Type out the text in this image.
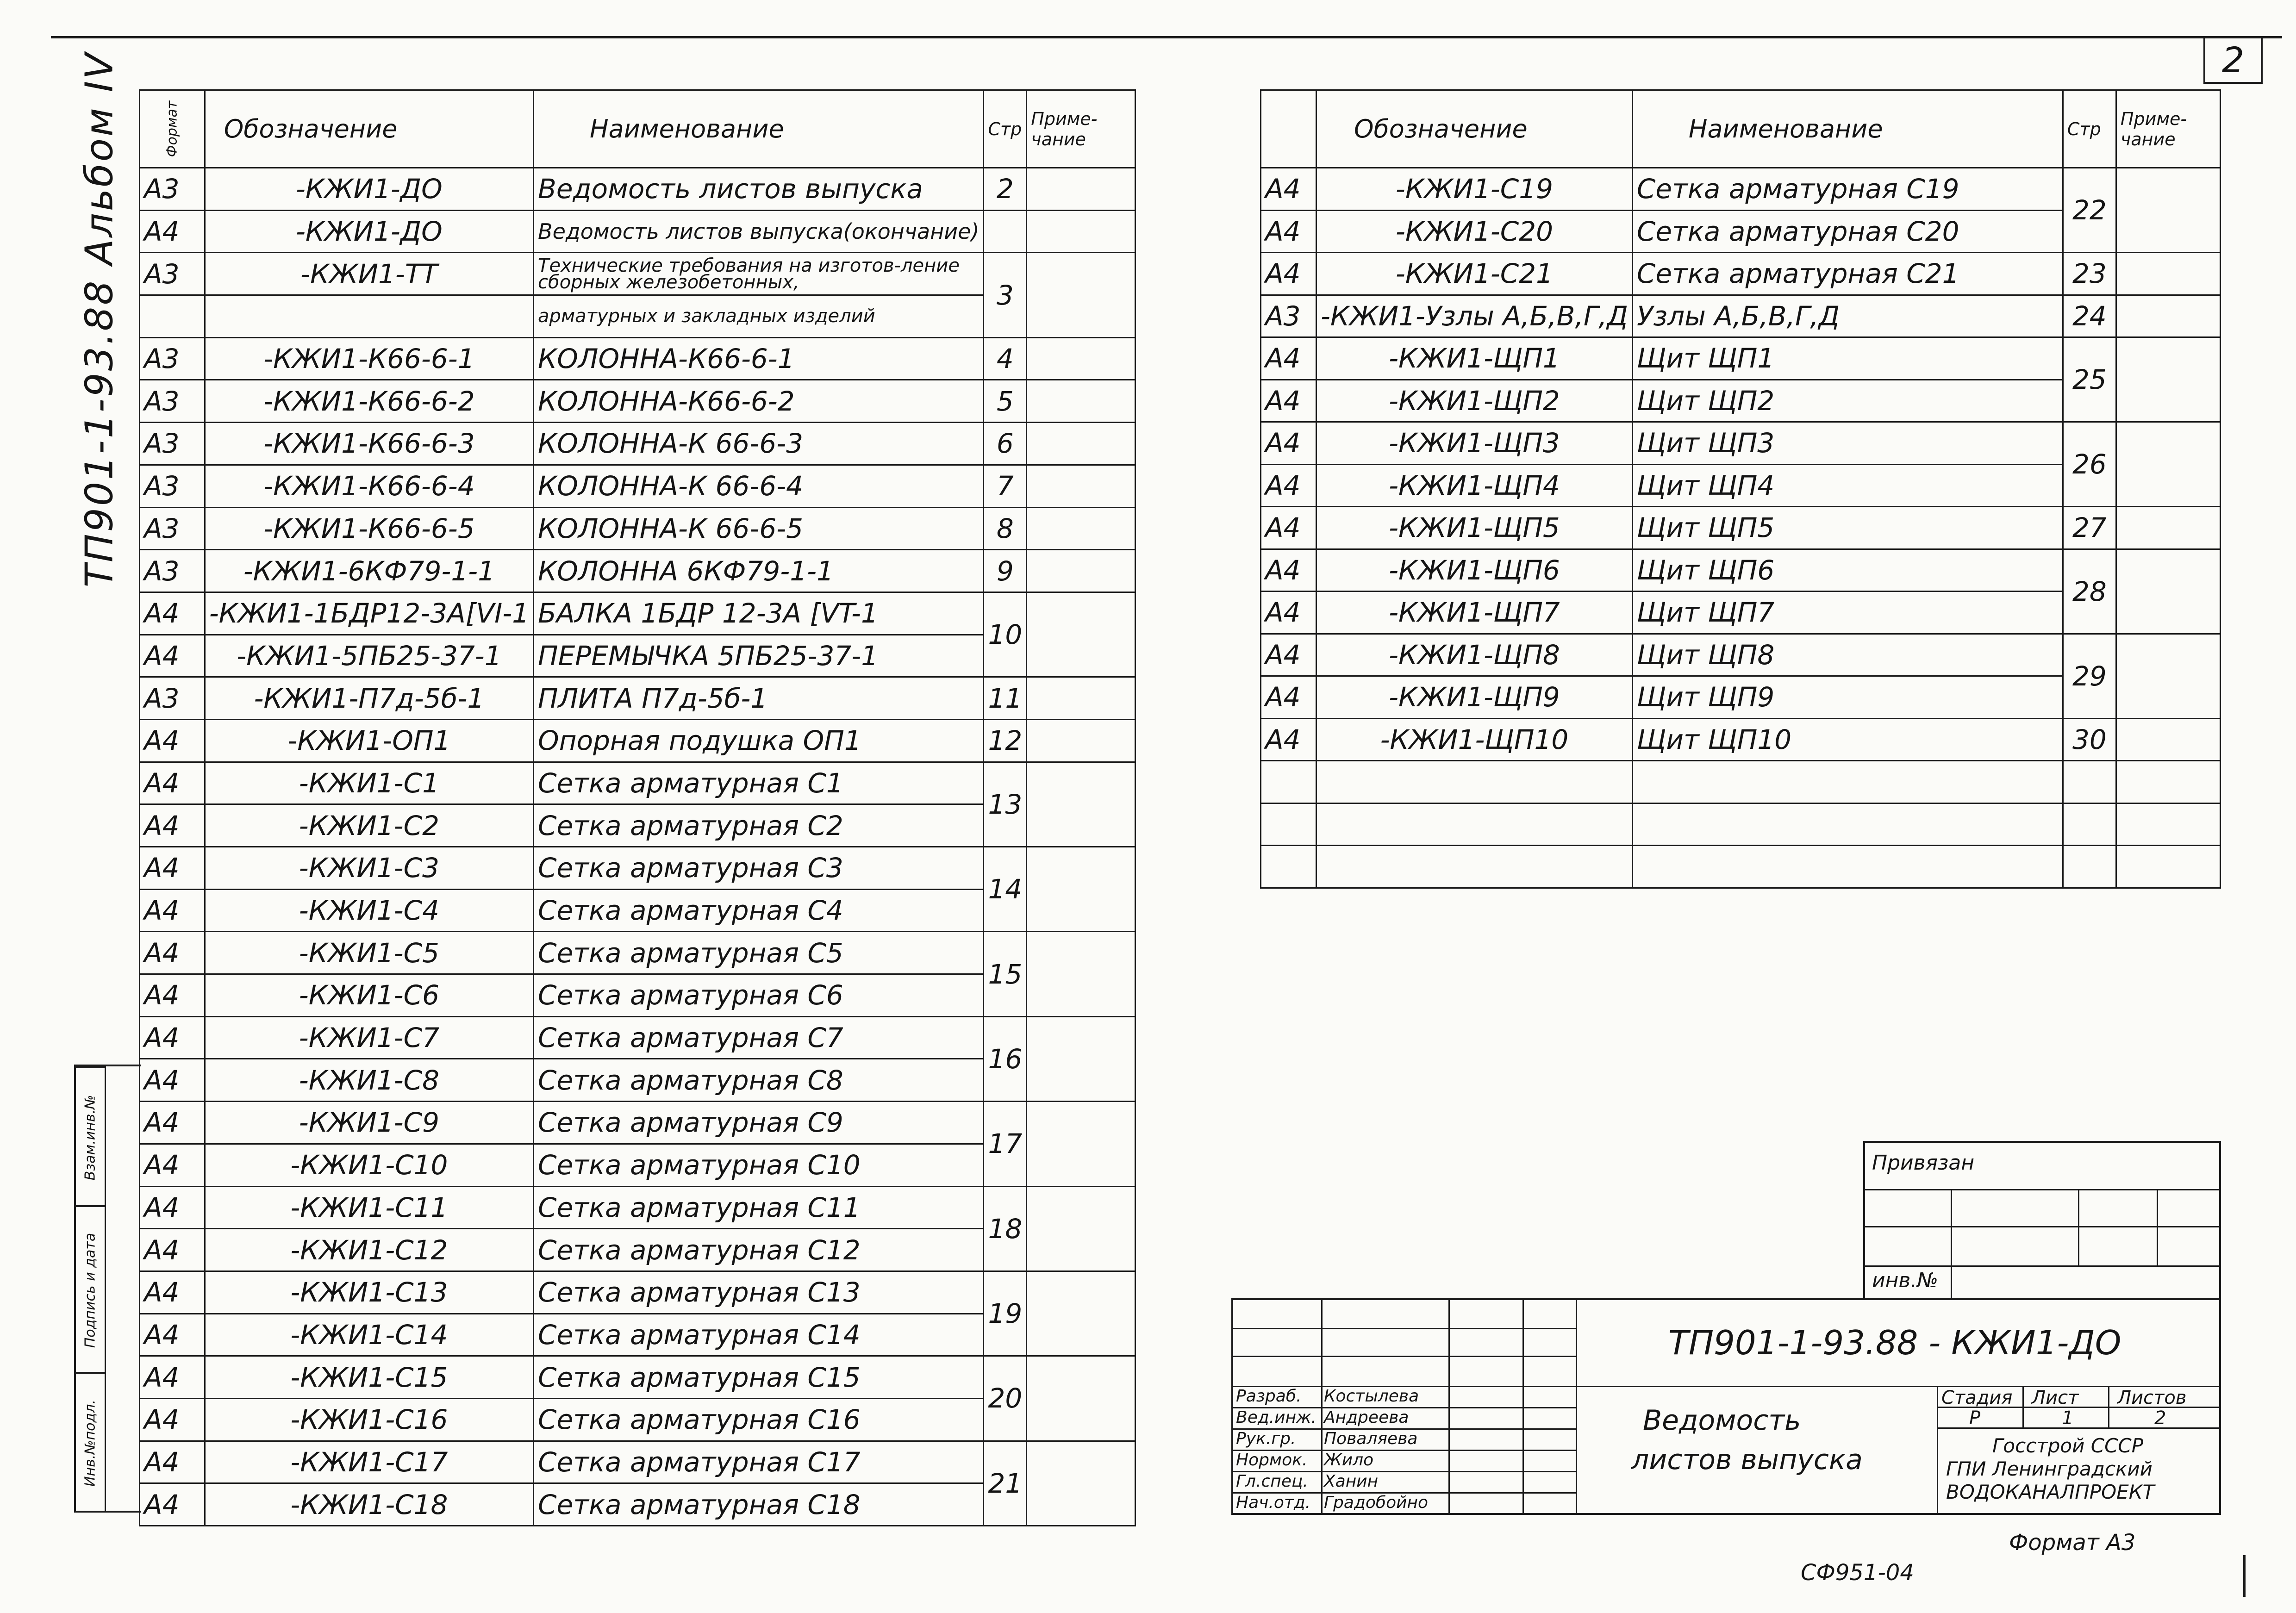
2
ТП901-1-93.88 Альбом IV
Инв.№подл.
Подпись и дата
Взам.инв.№
Формат	Обозначение	Наименование	Стр	Приме-
чание
А3	-КЖИ1-ДО	Ведомость листов выпуска	2	
А4	-КЖИ1-ДО	Ведомость листов выпуска(окончание)		
А3	-КЖИ1-ТТ	Технические требования на изготов-ление сборных железобетонных,	3	
		арматурных и закладных изделий		
А3	-КЖИ1-К66-6-1	КОЛОННА-К66-6-1	4	
А3	-КЖИ1-К66-6-2	КОЛОННА-К66-6-2	5	
А3	-КЖИ1-К66-6-3	КОЛОННА-К 66-6-3	6	
А3	-КЖИ1-К66-6-4	КОЛОННА-К 66-6-4	7	
А3	-КЖИ1-К66-6-5	КОЛОННА-К 66-6-5	8	
А3	-КЖИ1-6КФ79-1-1	КОЛОННА 6КФ79-1-1	9	
А4	-КЖИ1-1БДР12-3А[VI-1	БАЛКА 1БДР 12-3А [VT-1	10	
А4	-КЖИ1-5ПБ25-37-1	ПЕРЕМЫЧКА 5ПБ25-37-1		
А3	-КЖИ1-П7д-5б-1	ПЛИТА П7д-5б-1	11	
А4	-КЖИ1-ОП1	Опорная подушка ОП1	12	
А4	-КЖИ1-С1	Сетка арматурная С1	13	
А4	-КЖИ1-С2	Сетка арматурная С2		
А4	-КЖИ1-С3	Сетка арматурная С3	14	
А4	-КЖИ1-С4	Сетка арматурная С4		
А4	-КЖИ1-С5	Сетка арматурная С5	15	
А4	-КЖИ1-С6	Сетка арматурная С6		
А4	-КЖИ1-С7	Сетка арматурная С7	16	
А4	-КЖИ1-С8	Сетка арматурная С8		
А4	-КЖИ1-С9	Сетка арматурная С9	17	
А4	-КЖИ1-С10	Сетка арматурная С10		
А4	-КЖИ1-С11	Сетка арматурная С11	18	
А4	-КЖИ1-С12	Сетка арматурная С12		
А4	-КЖИ1-С13	Сетка арматурная С13	19	
А4	-КЖИ1-С14	Сетка арматурная С14		
А4	-КЖИ1-С15	Сетка арматурная С15	20	
А4	-КЖИ1-С16	Сетка арматурная С16		
А4	-КЖИ1-С17	Сетка арматурная С17	21	
А4	-КЖИ1-С18	Сетка арматурная С18		
	Обозначение	Наименование	Стр	Приме-
чание
А4	-КЖИ1-С19	Сетка арматурная С19	22	
А4	-КЖИ1-С20	Сетка арматурная С20		
А4	-КЖИ1-С21	Сетка арматурная С21	23	
А3	-КЖИ1-Узлы А,Б,В,Г,Д	Узлы А,Б,В,Г,Д	24	
А4	-КЖИ1-ЩП1	Щит ЩП1	25	
А4	-КЖИ1-ЩП2	Щит ЩП2		
А4	-КЖИ1-ЩП3	Щит ЩП3	26	
А4	-КЖИ1-ЩП4	Щит ЩП4		
А4	-КЖИ1-ЩП5	Щит ЩП5	27	
А4	-КЖИ1-ЩП6	Щит ЩП6	28	
А4	-КЖИ1-ЩП7	Щит ЩП7		
А4	-КЖИ1-ЩП8	Щит ЩП8	29	
А4	-КЖИ1-ЩП9	Щит ЩП9		
А4	-КЖИ1-ЩП10	Щит ЩП10	30	

Привязан
инв.№
Разраб. Костылева
Вед.инж. Андреева
Рук.гр. Поваляева
Нормок. Жило
Гл.спец. Ханин
Нач.отд. Градобойно
ТП901-1-93.88 - КЖИ1-ДО
Ведомость
листов выпуска
Стадия Лист Листов
Р	1	2
Госстрой СССР
ГПИ Ленинградский
ВОДОКАНАЛПРОЕКТ
Формат А3
СФ951-04
